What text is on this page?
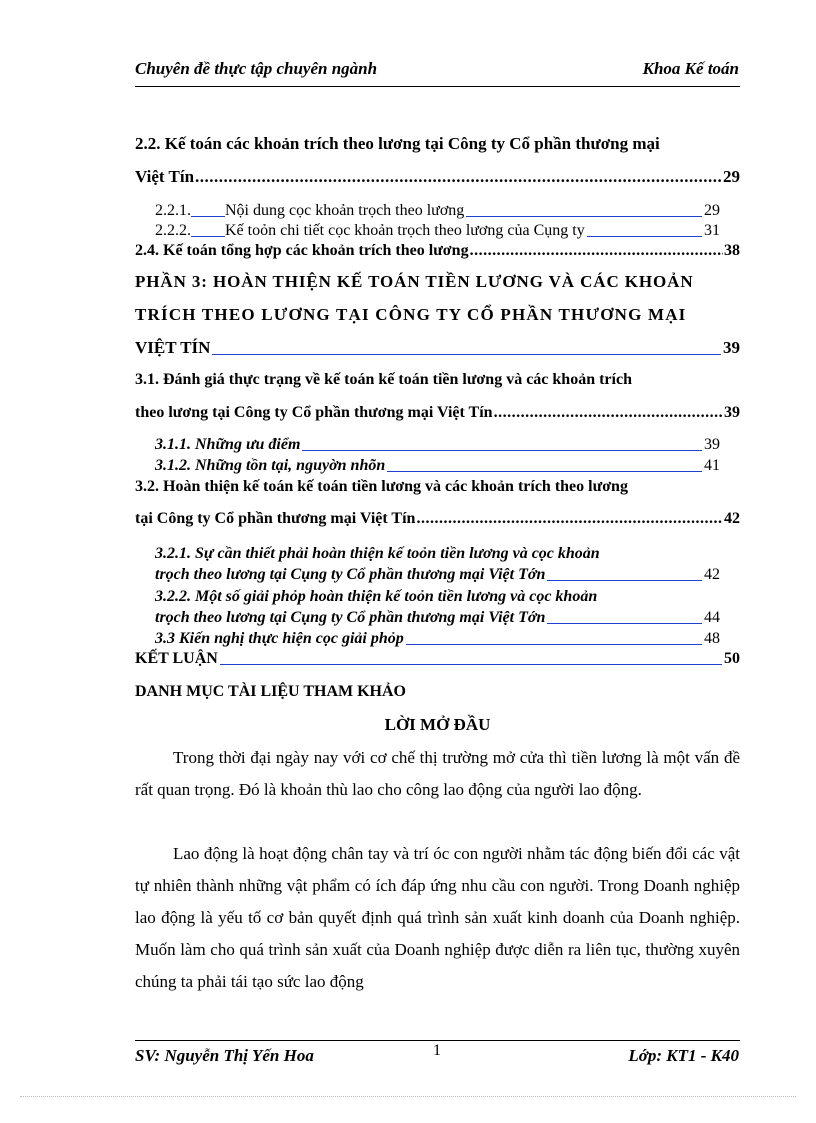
Chuyên đề thực tập chuyên ngành	Khoa Kế toán
2.2. Kế toán các khoản trích theo lương tại Công ty Cổ phần thương mại
Việt Tín .....	29
2.2.1. Nội dung cọc khoản trọch theo lương	29
2.2.2. Kế toỏn chi tiết cọc khoản trọch theo lương của Cụng ty	31
2.4. Kế toán tổng hợp các khoản trích theo lương .....	38
PHẦN 3: HOÀN THIỆN KẾ TOÁN TIỀN LƯƠNG VÀ CÁC KHOẢN
TRÍCH THEO LƯƠNG TẠI CÔNG TY CỔ PHẦN THƯƠNG MẠI
VIỆT TÍN	39
3.1. Đánh giá thực trạng về kế toán kế toán tiền lương và các khoản trích
theo lương tại Công ty Cổ phần thương mại Việt Tín .....	39
3.1.1. Những ưu điểm	39
3.1.2. Những tồn tại, nguyờn nhõn	41
3.2. Hoàn thiện kế toán kế toán tiền lương và các khoản trích theo lương
tại Công ty Cổ phần thương mại Việt Tín .....	42
3.2.1. Sự cần thiết phải hoàn thiện kế toỏn tiền lương và cọc khoản
trọch theo lương tại Cụng ty Cổ phần thương mại Việt Tớn	42
3.2.2. Một số giải phỏp hoàn thiện kế toỏn tiền lương và cọc khoản
trọch theo lương tại Cụng ty Cổ phần thương mại Việt Tớn	44
3.3 Kiến nghị thực hiện cọc giải phỏp	48
KẾT LUẬN	50
DANH MỤC TÀI LIỆU THAM KHẢO
LỜI MỞ ĐẦU
Trong thời đại ngày nay với cơ chế thị trường mở cửa thì tiền lương là một vấn đề rất quan trọng. Đó là khoản thù lao cho công lao động của người lao động.
Lao động là hoạt động chân tay và trí óc con người nhằm tác động biến đổi các vật tự nhiên thành những vật phẩm có ích đáp ứng nhu cầu con người. Trong Doanh nghiệp lao động là yếu tố cơ bản quyết định quá trình sản xuất kinh doanh của Doanh nghiệp. Muốn làm cho quá trình sản xuất của Doanh nghiệp được diễn ra liên tục, thường xuyên chúng ta phải tái tạo sức lao động
SV: Nguyễn Thị Yến Hoa	1	Lớp: KT1 - K40
